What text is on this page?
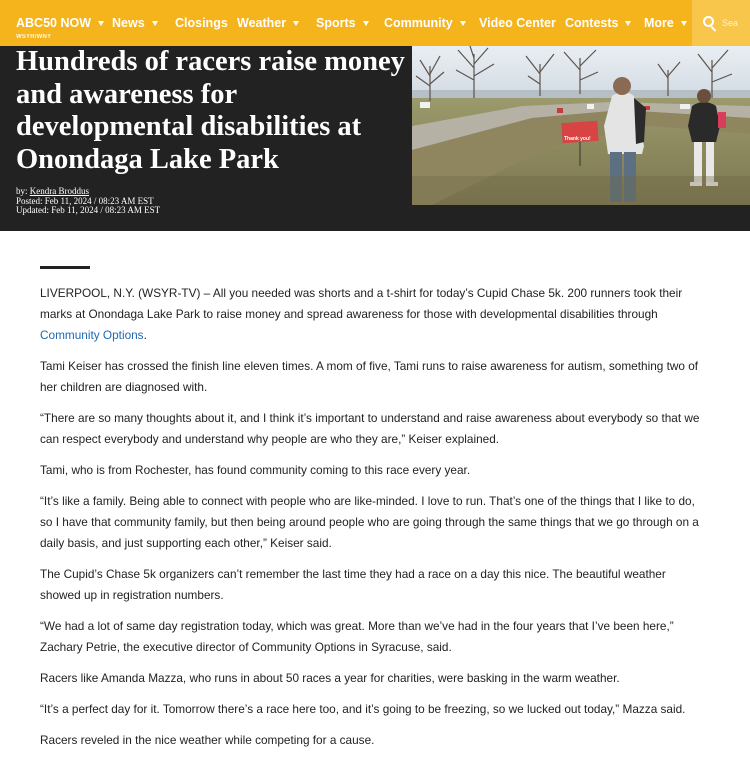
ABC50 NOW
WSYR/WNY
News Closings Weather Sports Community Video Center Contests More	Sea
Hundreds of racers raise money and awareness for developmental disabilities at Onondaga Lake Park
by: Kendra Broddus
Posted: Feb 11, 2024 / 08:23 AM EST
Updated: Feb 11, 2024 / 08:23 AM EST
Thank you!

LIVERPOOL, N.Y. (WSYR-TV) – All you needed was shorts and a t-shirt for today’s Cupid Chase 5k. 200 runners took their marks at Onondaga Lake Park to raise money and spread awareness for those with developmental disabilities through Community Options.

Tami Keiser has crossed the finish line eleven times. A mom of five, Tami runs to raise awareness for autism, something two of her children are diagnosed with.

“There are so many thoughts about it, and I think it’s important to understand and raise awareness about everybody so that we can respect everybody and understand why people are who they are,” Keiser explained.

Tami, who is from Rochester, has found community coming to this race every year.

“It’s like a family. Being able to connect with people who are like-minded. I love to run. That’s one of the things that I like to do, so I have that community family, but then being around people who are going through the same things that we go through on a daily basis, and just supporting each other,” Keiser said.

The Cupid’s Chase 5k organizers can’t remember the last time they had a race on a day this nice. The beautiful weather showed up in registration numbers.

“We had a lot of same day registration today, which was great. More than we’ve had in the four years that I’ve been here,” Zachary Petrie, the executive director of Community Options in Syracuse, said.

Racers like Amanda Mazza, who runs in about 50 races a year for charities, were basking in the warm weather.

“It’s a perfect day for it. Tomorrow there’s a race here too, and it’s going to be freezing, so we lucked out today,” Mazza said.

Racers reveled in the nice weather while competing for a cause.
